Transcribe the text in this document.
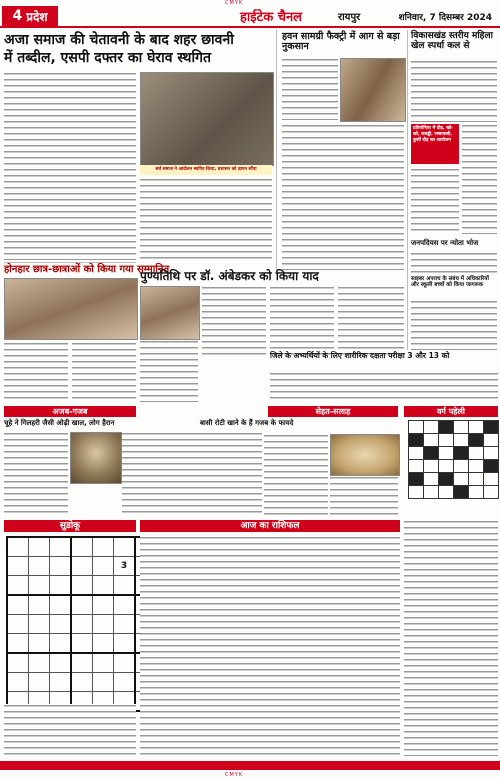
CMYK
4 प्रदेश	हाईटेक चैनल	रायपुर	शनिवार, 7 दिसम्बर 2024
अजा समाज की चेतावनी के बाद शहर छावनी
में तब्दील, एसपी दफ्तर का घेराव स्थगित
सर्व समाज ने आंदोलन स्थगित किया, प्रशासन को ज्ञापन सौंपा
हवन सामग्री फैक्ट्री में आग से बड़ा नुकसान
विकासखंड स्तरीय महिला खेल स्पर्धा कल से
प्रतियोगिता में दौड़, खो-खो, कबड्डी, रस्साकसी, कुर्सी दौड़ का आयोजन
होनहार छात्र-छात्राओं को किया गया सम्मानित
पुण्यतिथि पर डॉ. अंबेडकर को किया याद
जनपदियस पर न्योता भोज
साइबर अपराध के संबंध में अधिकारियों और स्कूली बच्चों को किया जागरूक
जिले के अभ्यर्थियों के लिए शारीरिक दक्षता परीक्षा 3 और 13 को
अजब-गजब
चूहे ने गिलहरी जैसी ओढ़ी खाल, लोग हैरान
सेहत-सलाह
बासी रोटी खाने के हैं गजब के फायदे
वर्ग पहेली

सुडोकू

					3			

आज का राशिफल
CMYK
